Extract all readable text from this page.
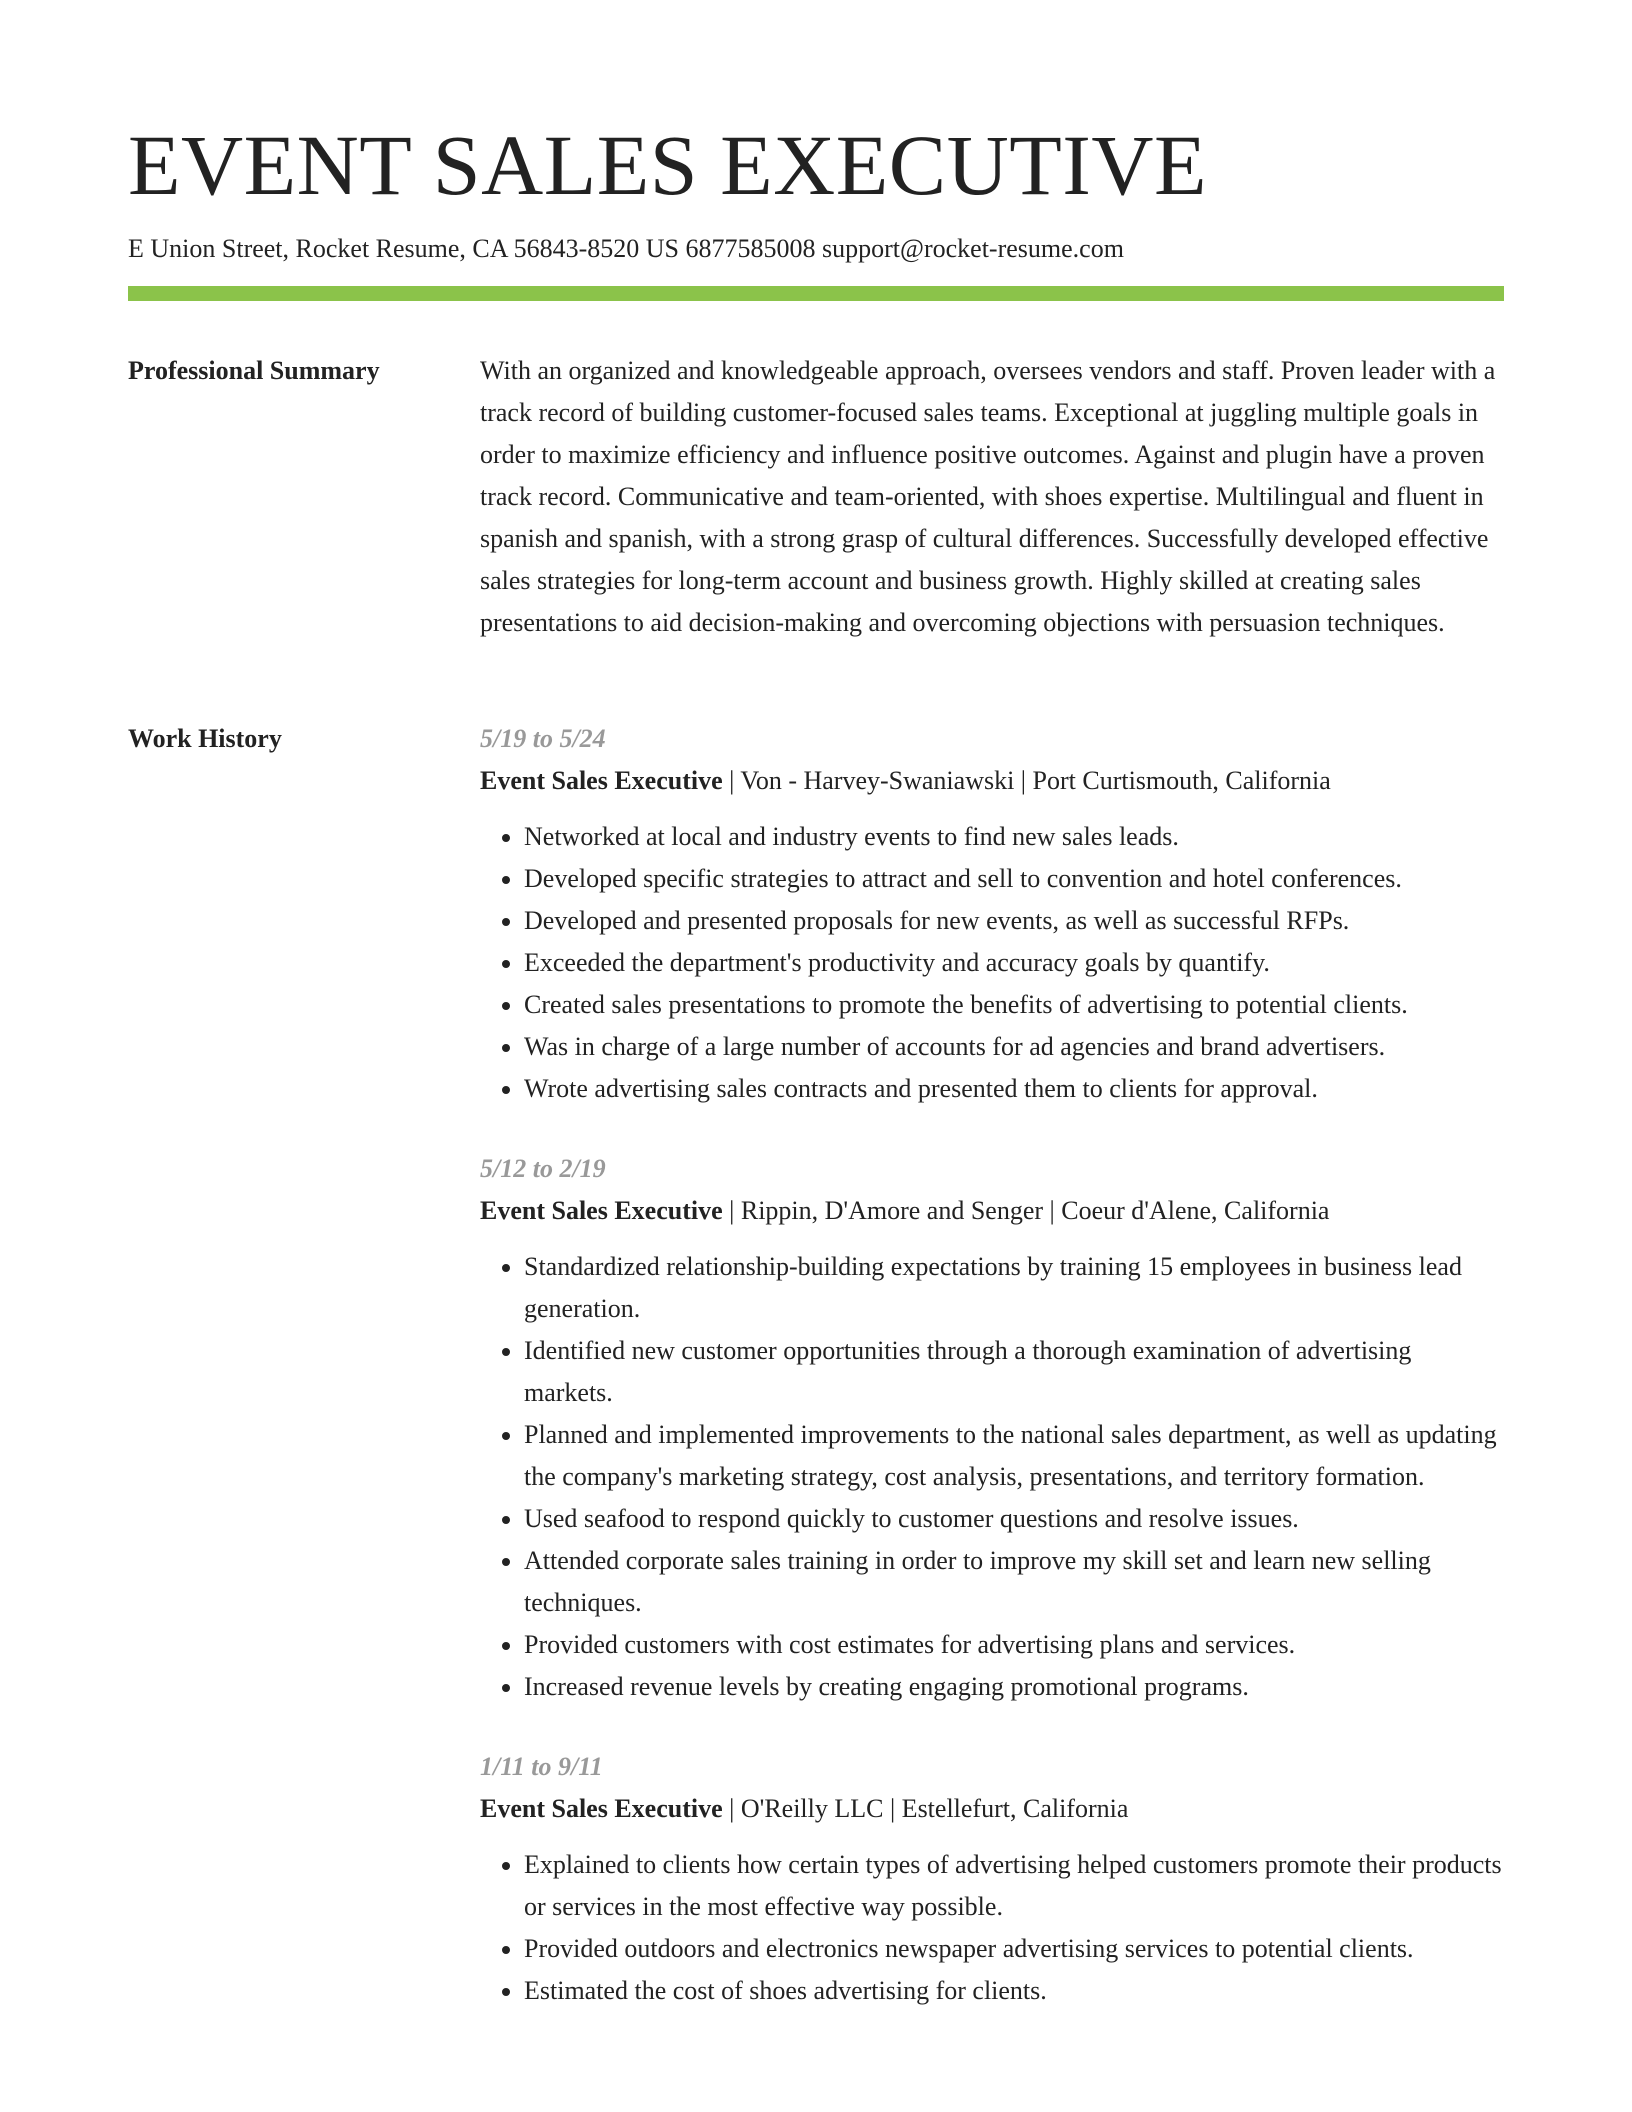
EVENT SALES EXECUTIVE
E Union Street, Rocket Resume, CA 56843-8520 US 6877585008 support@rocket-resume.com
Professional Summary	With an organized and knowledgeable approach, oversees vendors and staff. Proven leader with a track record of building customer-focused sales teams. Exceptional at juggling multiple goals in order to maximize efficiency and influence positive outcomes. Against and plugin have a proven track record. Communicative and team-oriented, with shoes expertise. Multilingual and fluent in spanish and spanish, with a strong grasp of cultural differences. Successfully developed effective sales strategies for long-term account and business growth. Highly skilled at creating sales presentations to aid decision-making and overcoming objections with persuasion techniques.

Work History	5/19 to 5/24
Event Sales Executive | Von - Harvey-Swaniawski | Port Curtismouth, California
• Networked at local and industry events to find new sales leads.
• Developed specific strategies to attract and sell to convention and hotel conferences.
• Developed and presented proposals for new events, as well as successful RFPs.
• Exceeded the department's productivity and accuracy goals by quantify.
• Created sales presentations to promote the benefits of advertising to potential clients.
• Was in charge of a large number of accounts for ad agencies and brand advertisers.
• Wrote advertising sales contracts and presented them to clients for approval.
5/12 to 2/19
Event Sales Executive | Rippin, D'Amore and Senger | Coeur d'Alene, California
• Standardized relationship-building expectations by training 15 employees in business lead generation.
• Identified new customer opportunities through a thorough examination of advertising markets.
• Planned and implemented improvements to the national sales department, as well as updating the company's marketing strategy, cost analysis, presentations, and territory formation.
• Used seafood to respond quickly to customer questions and resolve issues.
• Attended corporate sales training in order to improve my skill set and learn new selling techniques.
• Provided customers with cost estimates for advertising plans and services.
• Increased revenue levels by creating engaging promotional programs.
1/11 to 9/11
Event Sales Executive | O'Reilly LLC | Estellefurt, California
• Explained to clients how certain types of advertising helped customers promote their products or services in the most effective way possible.
• Provided outdoors and electronics newspaper advertising services to potential clients.
• Estimated the cost of shoes advertising for clients.
